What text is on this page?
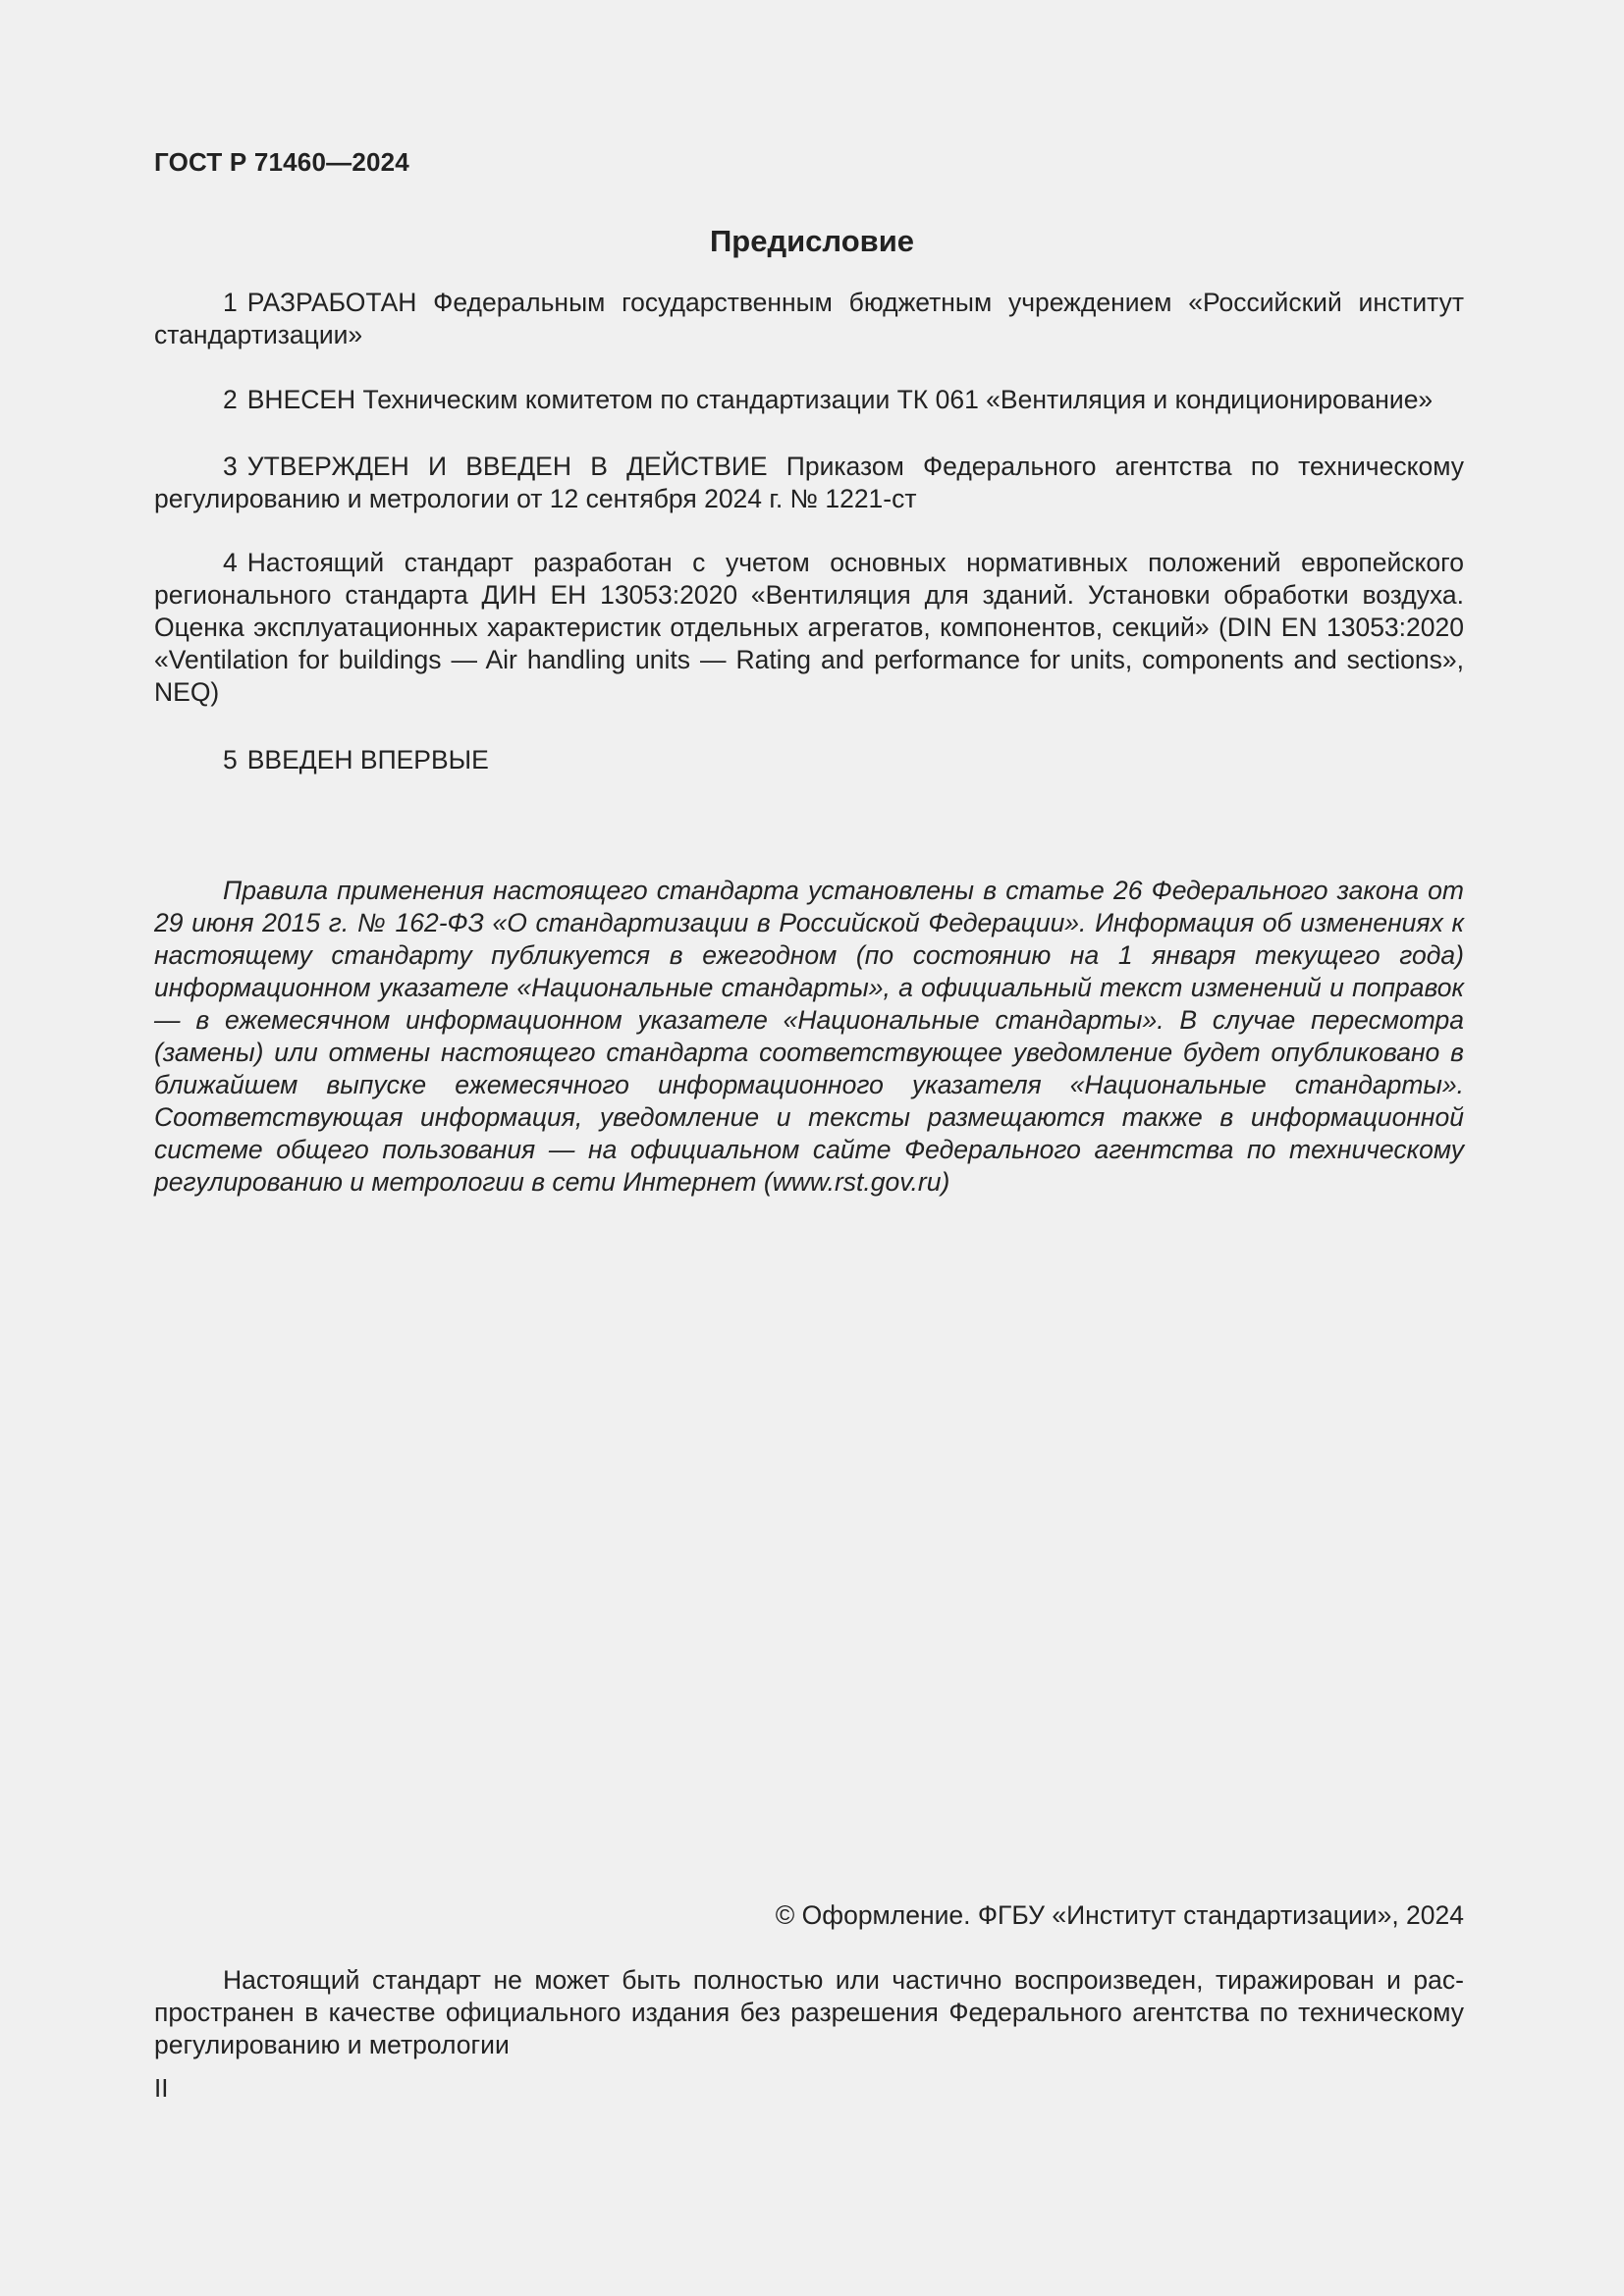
ГОСТ Р 71460—2024
Предисловие
1 РАЗРАБОТАН Федеральным государственным бюджетным учреждением «Российский институт стандартизации»
2 ВНЕСЕН Техническим комитетом по стандартизации ТК 061 «Вентиляция и кондиционирование»
3 УТВЕРЖДЕН И ВВЕДЕН В ДЕЙСТВИЕ Приказом Федерального агентства по техническому регулированию и метрологии от 12 сентября 2024 г. № 1221-ст
4 Настоящий стандарт разработан с учетом основных нормативных положений европейского регионального стандарта ДИН ЕН 13053:2020 «Вентиляция для зданий. Установки обработки воздуха. Оценка эксплуатационных характеристик отдельных агрегатов, компонентов, секций» (DIN EN 13053:2020 «Ventilation for buildings — Air handling units — Rating and performance for units, components and sections», NEQ)
5 ВВЕДЕН ВПЕРВЫЕ
Правила применения настоящего стандарта установлены в статье 26 Федерального закона от 29 июня 2015 г. № 162-ФЗ «О стандартизации в Российской Федерации». Информация об изменениях к настоящему стандарту публикуется в ежегодном (по состоянию на 1 января текущего года) информационном указателе «Национальные стандарты», а официальный текст изменений и поправок — в ежемесячном информационном указателе «Национальные стандарты». В случае пересмотра (замены) или отмены настоящего стандарта соответствующее уведомление будет опубликовано в ближайшем выпуске ежемесячного информационного указателя «Национальные стандарты». Соответствующая информация, уведомление и тексты размещаются также в информационной системе общего пользования — на официальном сайте Федерального агентства по техническому регулированию и метрологии в сети Интернет (www.rst.gov.ru)
© Оформление. ФГБУ «Институт стандартизации», 2024
Настоящий стандарт не может быть полностью или частично воспроизведен, тиражирован и распространен в качестве официального издания без разрешения Федерального агентства по техническому регулированию и метрологии
II
